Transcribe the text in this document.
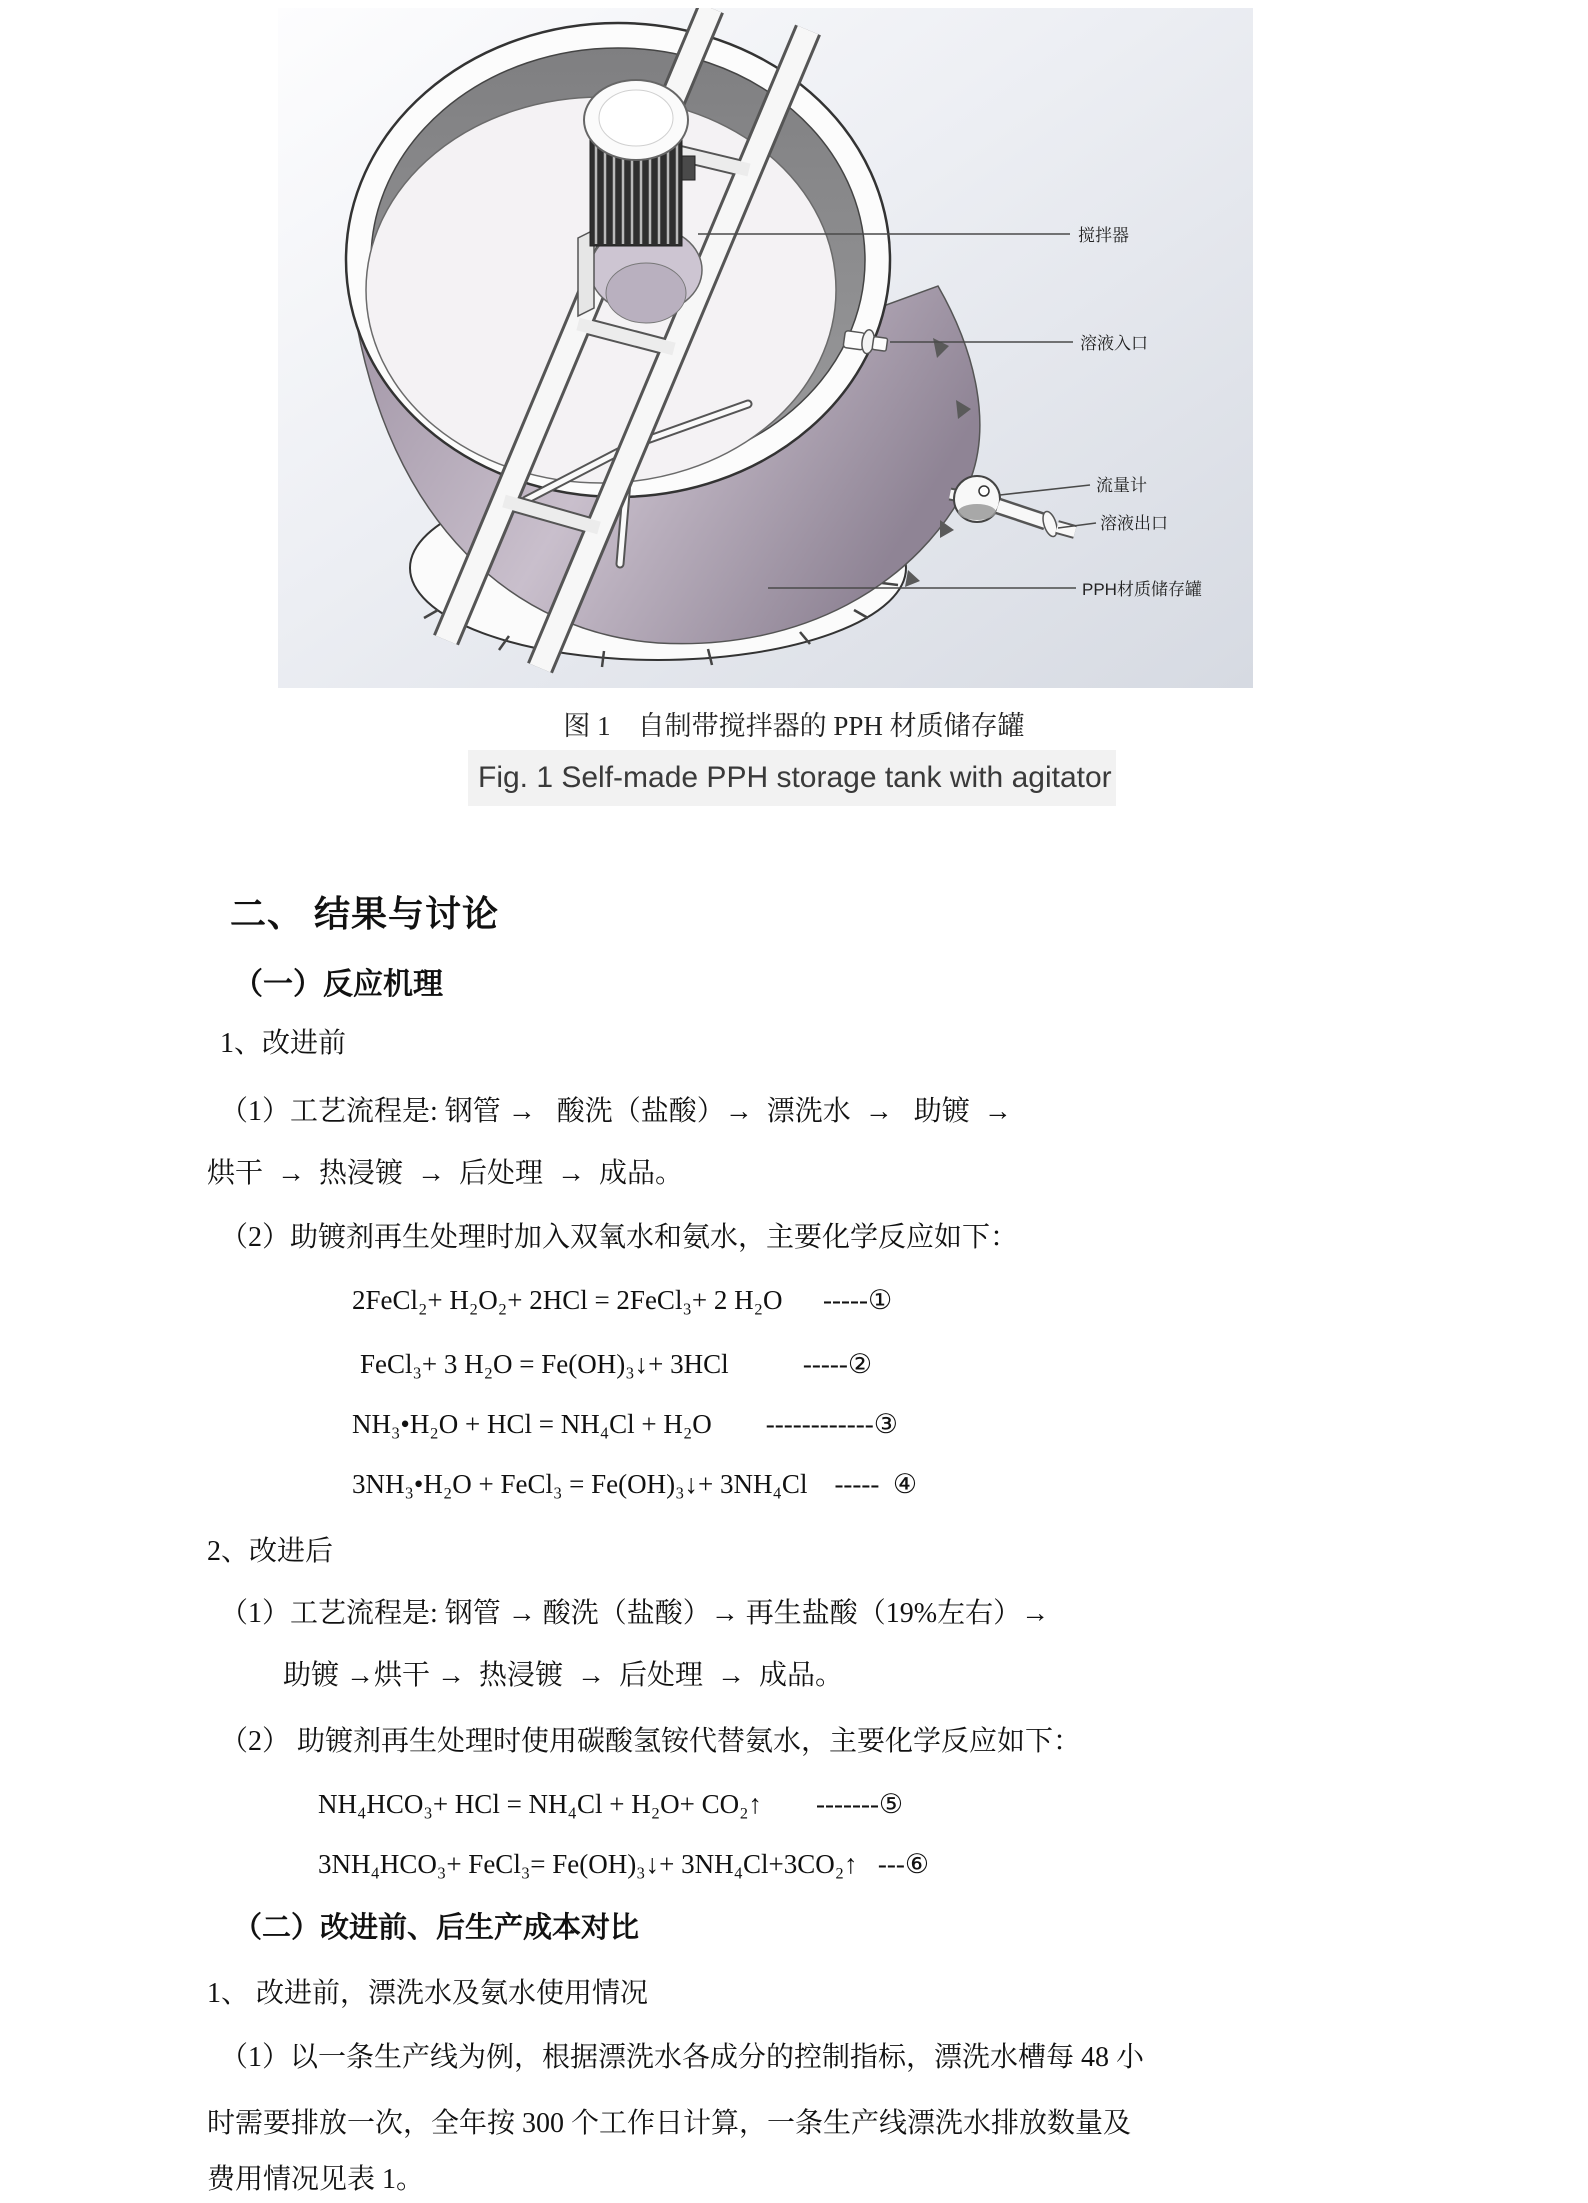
搅拌器
溶液入口
流量计
溶液出口
PPH材质储存罐
图 1　自制带搅拌器的 PPH 材质储存罐
Fig. 1 Self-made PPH storage tank with agitator
二、 结果与讨论
（一）反应机理
1、改进前
（1）工艺流程是: 钢管 →   酸洗（盐酸）→  漂洗水  →   助镀  →
烘干  →  热浸镀  →  后处理  →  成品。
（2）助镀剂再生处理时加入双氧水和氨水，主要化学反应如下：
2FeCl₂+ H₂O₂+ 2HCl = 2FeCl₃+ 2 H₂O      -----①
FeCl₃+ 3 H₂O = Fe(OH)₃↓+ 3HCl           -----②
NH₃•H₂O + HCl = NH₄Cl + H₂O        ------------③
3NH₃•H₂O + FeCl₃ = Fe(OH)₃↓+ 3NH₄Cl    -----  ④
2、改进后
（1）工艺流程是: 钢管 → 酸洗（盐酸）→ 再生盐酸（19%左右）→
助镀 →烘干 →  热浸镀  →  后处理  →  成品。
（2） 助镀剂再生处理时使用碳酸氢铵代替氨水，主要化学反应如下：
NH₄HCO₃+ HCl = NH₄Cl + H₂O+ CO₂↑        -------⑤
3NH₄HCO₃+ FeCl₃= Fe(OH)₃↓+ 3NH₄Cl+3CO₂↑   ---⑥
（二）改进前、后生产成本对比
1、 改进前，漂洗水及氨水使用情况
（1）以一条生产线为例，根据漂洗水各成分的控制指标，漂洗水槽每 48 小
时需要排放一次，全年按 300 个工作日计算，一条生产线漂洗水排放数量及
费用情况见表 1。
